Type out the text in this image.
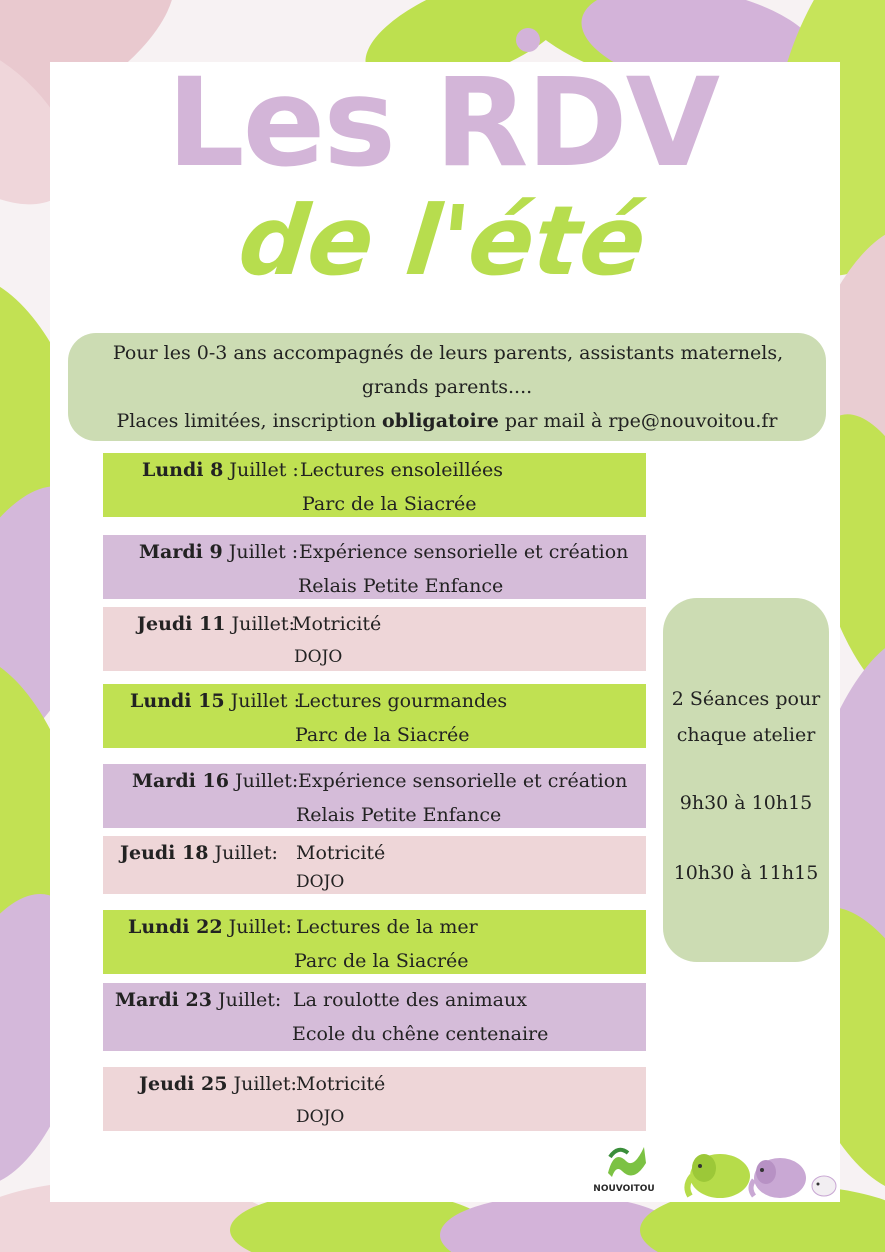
Les RDV
de l'été
Pour les 0-3 ans accompagnés de leurs parents, assistants maternels,
grands parents....
Places limitées, inscription obligatoire par mail à rpe@nouvoitou.fr
Lundi 8 Juillet : Lectures ensoleillées
Parc de la Siacrée
Mardi 9 Juillet : Expérience sensorielle et création
Relais Petite Enfance
Jeudi 11 Juillet:
Motricité
DOJO
Lundi 15 Juillet :
Lectures gourmandes
Parc de la Siacrée
Mardi 16 Juillet: Expérience sensorielle et création
Relais Petite Enfance
Jeudi 18 Juillet: Motricité
DOJO
Lundi 22 Juillet: Lectures de la mer
Parc de la Siacrée
Mardi 23 Juillet: La roulotte des animaux
Ecole du chêne centenaire
Jeudi 25 Juillet: Motricité
DOJO
2 Séances pour
chaque atelier
9h30 à 10h15
10h30 à 11h15
NOUVOITOU
